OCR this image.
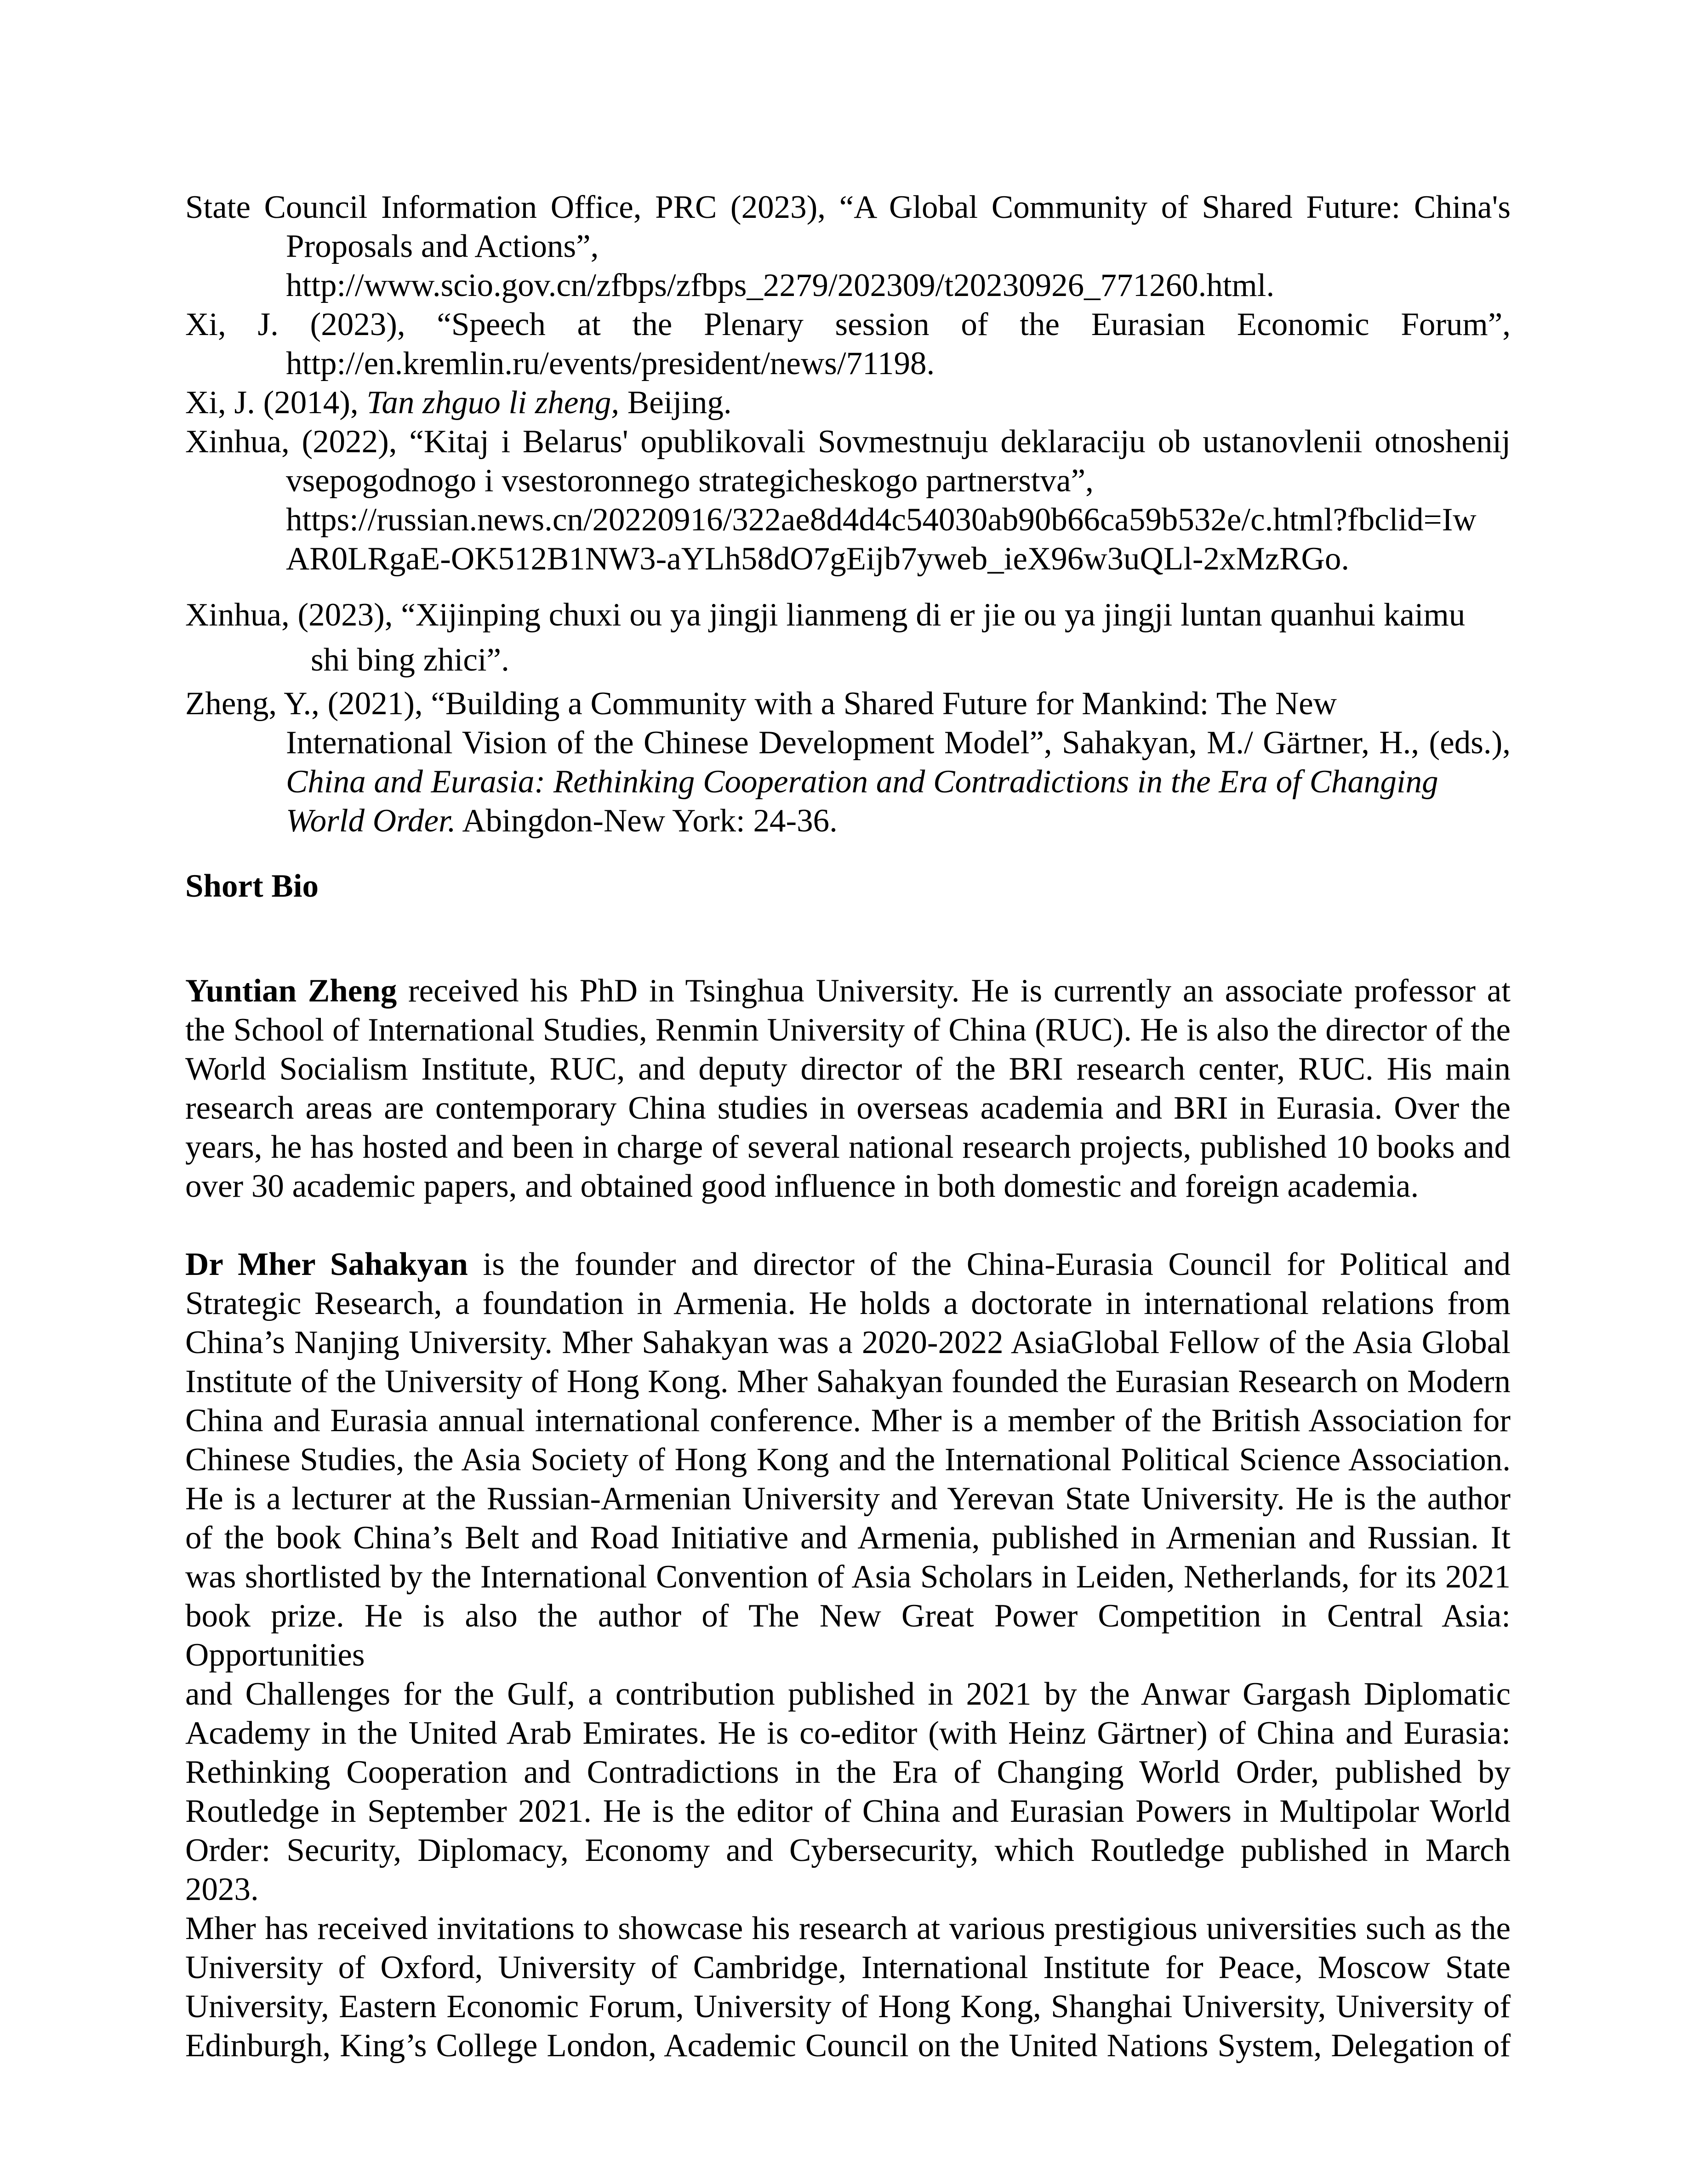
State Council Information Office, PRC (2023), “A Global Community of Shared Future: China's
Proposals and Actions”,
http://www.scio.gov.cn/zfbps/zfbps_2279/202309/t20230926_771260.html.
Xi, J. (2023), “Speech at the Plenary session of the Eurasian Economic Forum”,
http://en.kremlin.ru/events/president/news/71198.
Xi, J. (2014), Tan zhguo li zheng, Beijing.
Xinhua, (2022), “Kitaj i Belarus' opublikovali Sovmestnuju deklaraciju ob ustanovlenii otnoshenij
vsepogodnogo i vsestoronnego strategicheskogo partnerstva”,
https://russian.news.cn/20220916/322ae8d4d4c54030ab90b66ca59b532e/c.html?fbclid=Iw
AR0LRgaE-OK512B1NW3-aYLh58dO7gEijb7yweb_ieX96w3uQLl-2xMzRGo.
Xinhua, (2023), “Xijinping chuxi ou ya jingji lianmeng di er jie ou ya jingji luntan quanhui kaimu
shi bing zhici”.
Zheng, Y., (2021), “Building a Community with a Shared Future for Mankind: The New
International Vision of the Chinese Development Model”, Sahakyan, M./ Gärtner, H., (eds.),
China and Eurasia: Rethinking Cooperation and Contradictions in the Era of Changing
World Order. Abingdon-New York: 24-36.
Short Bio
Yuntian Zheng received his PhD in Tsinghua University. He is currently an associate professor at
the School of International Studies, Renmin University of China (RUC). He is also the director of the
World Socialism Institute, RUC, and deputy director of the BRI research center, RUC. His main
research areas are contemporary China studies in overseas academia and BRI in Eurasia. Over the
years, he has hosted and been in charge of several national research projects, published 10 books and
over 30 academic papers, and obtained good influence in both domestic and foreign academia.
Dr Mher Sahakyan is the founder and director of the China-Eurasia Council for Political and
Strategic Research, a foundation in Armenia. He holds a doctorate in international relations from
China’s Nanjing University. Mher Sahakyan was a 2020-2022 AsiaGlobal Fellow of the Asia Global
Institute of the University of Hong Kong. Mher Sahakyan founded the Eurasian Research on Modern
China and Eurasia annual international conference. Mher is a member of the British Association for
Chinese Studies, the Asia Society of Hong Kong and the International Political Science Association.
He is a lecturer at the Russian-Armenian University and Yerevan State University. He is the author
of the book China’s Belt and Road Initiative and Armenia, published in Armenian and Russian. It
was shortlisted by the International Convention of Asia Scholars in Leiden, Netherlands, for its 2021
book prize. He is also the author of The New Great Power Competition in Central Asia: Opportunities
and Challenges for the Gulf, a contribution published in 2021 by the Anwar Gargash Diplomatic
Academy in the United Arab Emirates. He is co-editor (with Heinz Gärtner) of China and Eurasia:
Rethinking Cooperation and Contradictions in the Era of Changing World Order, published by
Routledge in September 2021. He is the editor of China and Eurasian Powers in Multipolar World
Order: Security, Diplomacy, Economy and Cybersecurity, which Routledge published in March 2023.
Mher has received invitations to showcase his research at various prestigious universities such as the
University of Oxford, University of Cambridge, International Institute for Peace, Moscow State
University, Eastern Economic Forum, University of Hong Kong, Shanghai University, University of
Edinburgh, King’s College London, Academic Council on the United Nations System, Delegation of
